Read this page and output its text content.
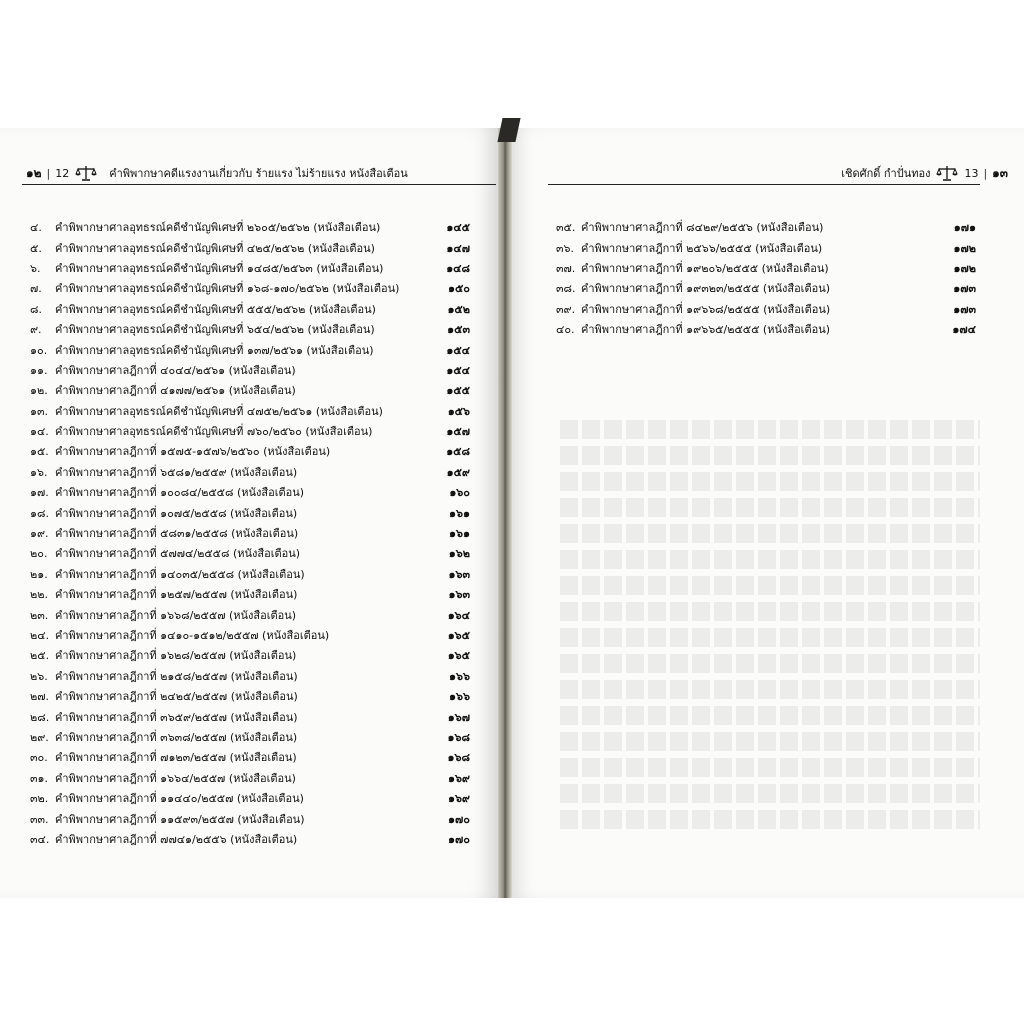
๑๒ | 12	คำพิพากษาคดีแรงงานเกี่ยวกับ ร้ายแรง ไม่ร้ายแรง หนังสือเตือน	เชิดศักดิ์ กำปั่นทอง	13 | ๑๓
๔.	คำพิพากษาศาลอุทธรณ์คดีชำนัญพิเศษที่ ๒๖๐๕/๒๕๖๒ (หนังสือเตือน)	๑๔๕
๕.	คำพิพากษาศาลอุทธรณ์คดีชำนัญพิเศษที่ ๔๒๕/๒๕๖๒ (หนังสือเตือน)	๑๔๗
๖.	คำพิพากษาศาลอุทธรณ์คดีชำนัญพิเศษที่ ๑๔๘๕/๒๕๖๓ (หนังสือเตือน)	๑๔๘
๗.	คำพิพากษาศาลอุทธรณ์คดีชำนัญพิเศษที่ ๑๖๘-๑๗๐/๒๕๖๒ (หนังสือเตือน)	๑๕๐
๘.	คำพิพากษาศาลอุทธรณ์คดีชำนัญพิเศษที่ ๕๕๕/๒๕๖๒ (หนังสือเตือน)	๑๕๒
๙.	คำพิพากษาศาลอุทธรณ์คดีชำนัญพิเศษที่ ๖๕๔/๒๕๖๒ (หนังสือเตือน)	๑๕๓
๑๐. คำพิพากษาศาลอุทธรณ์คดีชำนัญพิเศษที่ ๑๓๗/๒๕๖๑ (หนังสือเตือน)	๑๕๔
๑๑. คำพิพากษาศาลฎีกาที่ ๔๐๔๔/๒๕๖๑ (หนังสือเตือน)	๑๕๔
๑๒. คำพิพากษาศาลฎีกาที่ ๔๑๗๗/๒๕๖๑ (หนังสือเตือน)	๑๕๕
๑๓. คำพิพากษาศาลอุทธรณ์คดีชำนัญพิเศษที่ ๔๗๕๒/๒๕๖๑ (หนังสือเตือน)	๑๕๖
๑๔. คำพิพากษาศาลอุทธรณ์คดีชำนัญพิเศษที่ ๗๖๐/๒๕๖๐ (หนังสือเตือน)	๑๕๗
๑๕. คำพิพากษาศาลฎีกาที่ ๑๕๗๕-๑๕๗๖/๒๕๖๐ (หนังสือเตือน)	๑๕๘
๑๖. คำพิพากษาศาลฎีกาที่ ๖๕๘๑/๒๕๕๙ (หนังสือเตือน)	๑๕๙
๑๗. คำพิพากษาศาลฎีกาที่ ๑๐๐๘๔/๒๕๕๘ (หนังสือเตือน)	๑๖๐
๑๘. คำพิพากษาศาลฎีกาที่ ๑๐๗๕/๒๕๕๘ (หนังสือเตือน)	๑๖๑
๑๙. คำพิพากษาศาลฎีกาที่ ๕๘๓๑/๒๕๕๘ (หนังสือเตือน)	๑๖๑
๒๐. คำพิพากษาศาลฎีกาที่ ๕๗๗๔/๒๕๕๘ (หนังสือเตือน)	๑๖๒
๒๑. คำพิพากษาศาลฎีกาที่ ๑๔๐๓๕/๒๕๕๘ (หนังสือเตือน)	๑๖๓
๒๒. คำพิพากษาศาลฎีกาที่ ๑๒๕๗/๒๕๕๗ (หนังสือเตือน)	๑๖๓
๒๓. คำพิพากษาศาลฎีกาที่ ๑๖๖๘/๒๕๕๗ (หนังสือเตือน)	๑๖๔
๒๔. คำพิพากษาศาลฎีกาที่ ๑๔๑๐-๑๕๑๒/๒๕๕๗ (หนังสือเตือน)	๑๖๕
๒๕. คำพิพากษาศาลฎีกาที่ ๑๖๒๘/๒๕๕๗ (หนังสือเตือน)	๑๖๕
๒๖. คำพิพากษาศาลฎีกาที่ ๒๑๕๘/๒๕๕๗ (หนังสือเตือน)	๑๖๖
๒๗. คำพิพากษาศาลฎีกาที่ ๒๔๒๕/๒๕๕๗ (หนังสือเตือน)	๑๖๖
๒๘. คำพิพากษาศาลฎีกาที่ ๓๖๕๙/๒๕๕๗ (หนังสือเตือน)	๑๖๗
๒๙. คำพิพากษาศาลฎีกาที่ ๓๖๓๘/๒๕๕๗ (หนังสือเตือน)	๑๖๘
๓๐. คำพิพากษาศาลฎีกาที่ ๗๑๒๓/๒๕๕๗ (หนังสือเตือน)	๑๖๘
๓๑. คำพิพากษาศาลฎีกาที่ ๑๖๖๔/๒๕๕๗ (หนังสือเตือน)	๑๖๙
๓๒. คำพิพากษาศาลฎีกาที่ ๑๑๔๔๐/๒๕๕๗ (หนังสือเตือน)	๑๖๙
๓๓. คำพิพากษาศาลฎีกาที่ ๑๑๕๙๓/๒๕๕๗ (หนังสือเตือน)	๑๗๐
๓๔. คำพิพากษาศาลฎีกาที่ ๗๗๔๑/๒๕๕๖ (หนังสือเตือน)	๑๗๐
๓๕. คำพิพากษาศาลฎีกาที่ ๘๔๒๙/๒๕๕๖ (หนังสือเตือน)	๑๗๑
๓๖. คำพิพากษาศาลฎีกาที่ ๒๕๖๖/๒๕๕๕ (หนังสือเตือน)	๑๗๒
๓๗. คำพิพากษาศาลฎีกาที่ ๑๙๒๐๖/๒๕๕๕ (หนังสือเตือน)	๑๗๒
๓๘. คำพิพากษาศาลฎีกาที่ ๑๙๓๒๓/๒๕๕๕ (หนังสือเตือน)	๑๗๓
๓๙. คำพิพากษาศาลฎีกาที่ ๑๙๖๖๘/๒๕๕๕ (หนังสือเตือน)	๑๗๓
๔๐. คำพิพากษาศาลฎีกาที่ ๑๙๖๖๕/๒๕๕๕ (หนังสือเตือน)	๑๗๔
